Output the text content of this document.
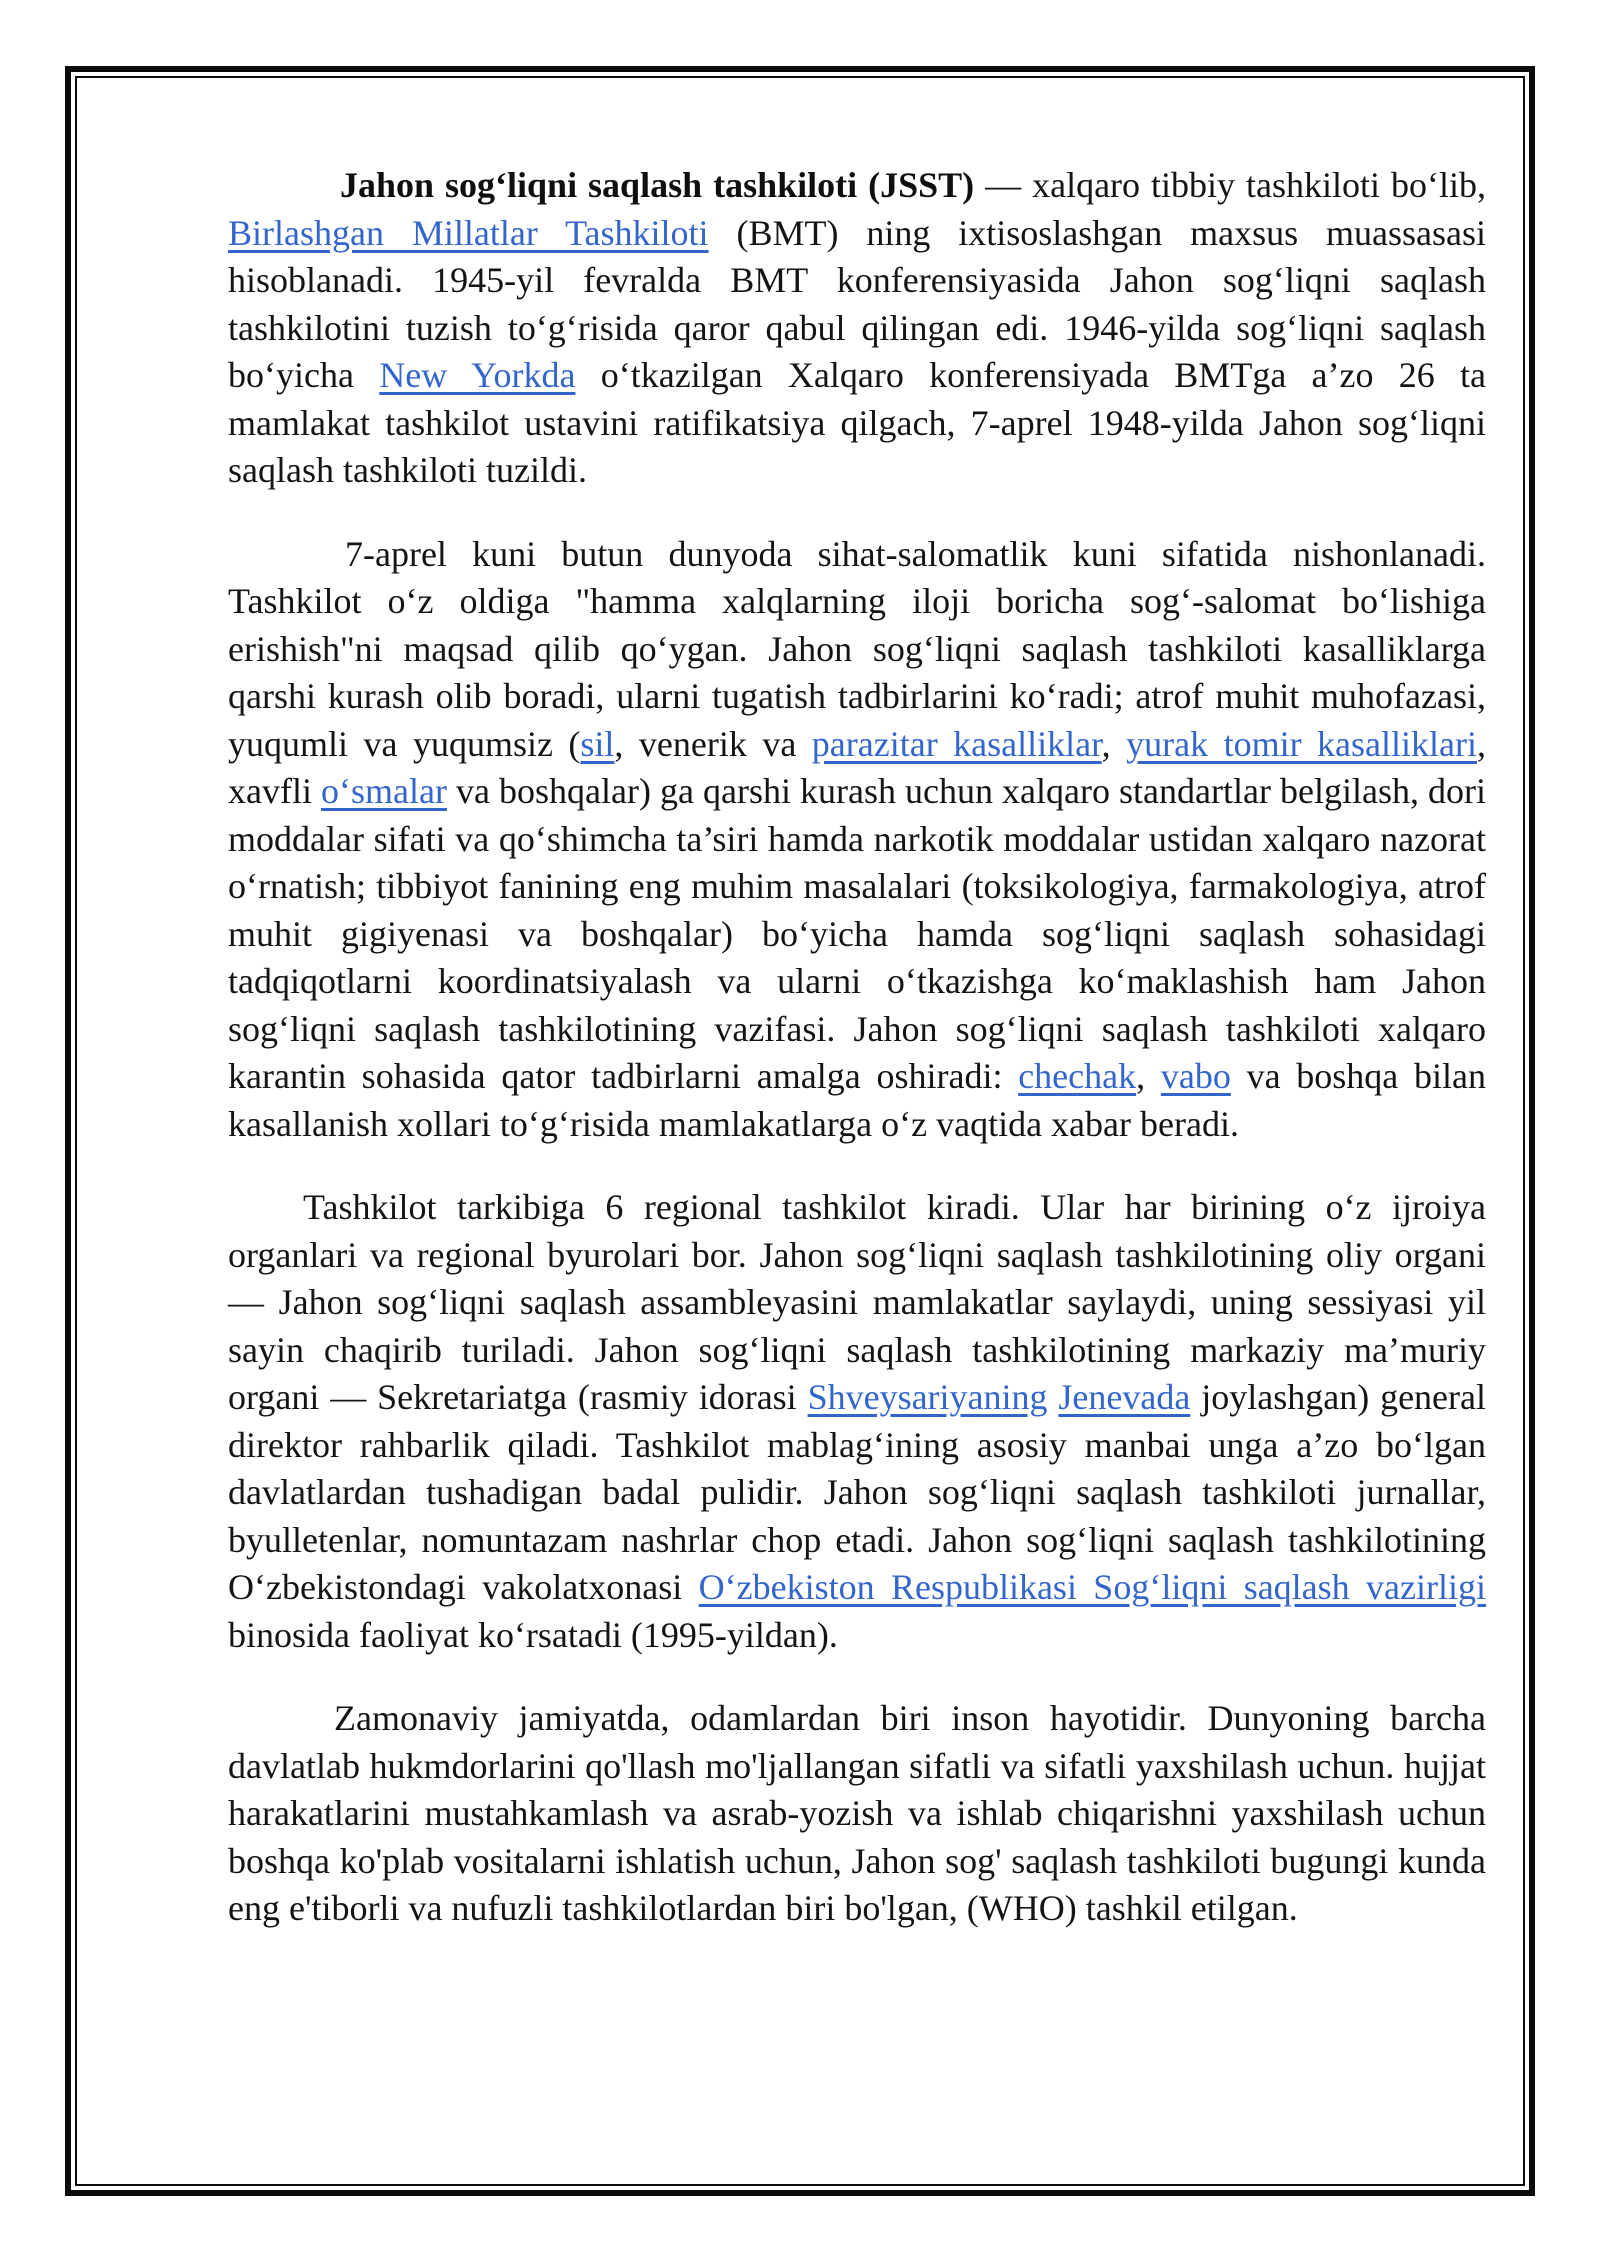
Jahon sogʻliqni saqlash tashkiloti (JSST) — xalqaro tibbiy tashkiloti boʻlib, Birlashgan Millatlar Tashkiloti (BMT) ning ixtisoslashgan maxsus muassasasi hisoblanadi. 1945-yil fevralda BMT konferensiyasida Jahon sogʻliqni saqlash tashkilotini tuzish toʻgʻrisida qaror qabul qilingan edi. 1946-yilda sogʻliqni saqlash boʻyicha New Yorkda oʻtkazilgan Xalqaro konferensiyada BMTga a’zo 26 ta mamlakat tashkilot ustavini ratifikatsiya qilgach, 7-aprel 1948-yilda Jahon sogʻliqni saqlash tashkiloti tuzildi.

7-aprel kuni butun dunyoda sihat-salomatlik kuni sifatida nishonlanadi. Tashkilot oʻz oldiga "hamma xalqlarning iloji boricha sogʻ-salomat boʻlishiga erishish"ni maqsad qilib qoʻygan. Jahon sogʻliqni saqlash tashkiloti kasalliklarga qarshi kurash olib boradi, ularni tugatish tadbirlarini koʻradi; atrof muhit muhofazasi, yuqumli va yuqumsiz (sil, venerik va parazitar kasalliklar, yurak tomir kasalliklari, xavfli oʻsmalar va boshqalar) ga qarshi kurash uchun xalqaro standartlar belgilash, dori moddalar sifati va qoʻshimcha ta’siri hamda narkotik moddalar ustidan xalqaro nazorat oʻrnatish; tibbiyot fanining eng muhim masalalari (toksikologiya, farmakologiya, atrof muhit gigiyenasi va boshqalar) boʻyicha hamda sogʻliqni saqlash sohasidagi tadqiqotlarni koordinatsiyalash va ularni oʻtkazishga koʻmaklashish ham Jahon sogʻliqni saqlash tashkilotining vazifasi. Jahon sogʻliqni saqlash tashkiloti xalqaro karantin sohasida qator tadbirlarni amalga oshiradi: chechak, vabo va boshqa bilan kasallanish xollari toʻgʻrisida mamlakatlarga oʻz vaqtida xabar beradi.

Tashkilot tarkibiga 6 regional tashkilot kiradi. Ular har birining oʻz ijroiya organlari va regional byurolari bor. Jahon sogʻliqni saqlash tashkilotining oliy organi — Jahon sogʻliqni saqlash assambleyasini mamlakatlar saylaydi, uning sessiyasi yil sayin chaqirib turiladi. Jahon sogʻliqni saqlash tashkilotining markaziy ma’muriy organi — Sekretariatga (rasmiy idorasi Shveysariyaning Jenevada joylashgan) general direktor rahbarlik qiladi. Tashkilot mablagʻining asosiy manbai unga a’zo boʻlgan davlatlardan tushadigan badal pulidir. Jahon sogʻliqni saqlash tashkiloti jurnallar, byulletenlar, nomuntazam nashrlar chop etadi. Jahon sogʻliqni saqlash tashkilotining Oʻzbekistondagi vakolatxonasi Oʻzbekiston Respublikasi Sogʻliqni saqlash vazirligi binosida faoliyat koʻrsatadi (1995-yildan).

Zamonaviy jamiyatda, odamlardan biri inson hayotidir. Dunyoning barcha davlatlab hukmdorlarini qo'llash mo'ljallangan sifatli va sifatli yaxshilash uchun. hujjat harakatlarini mustahkamlash va asrab-yozish va ishlab chiqarishni yaxshilash uchun boshqa ko'plab vositalarni ishlatish uchun, Jahon sog' saqlash tashkiloti bugungi kunda eng e'tiborli va nufuzli tashkilotlardan biri bo'lgan, (WHO) tashkil etilgan.
